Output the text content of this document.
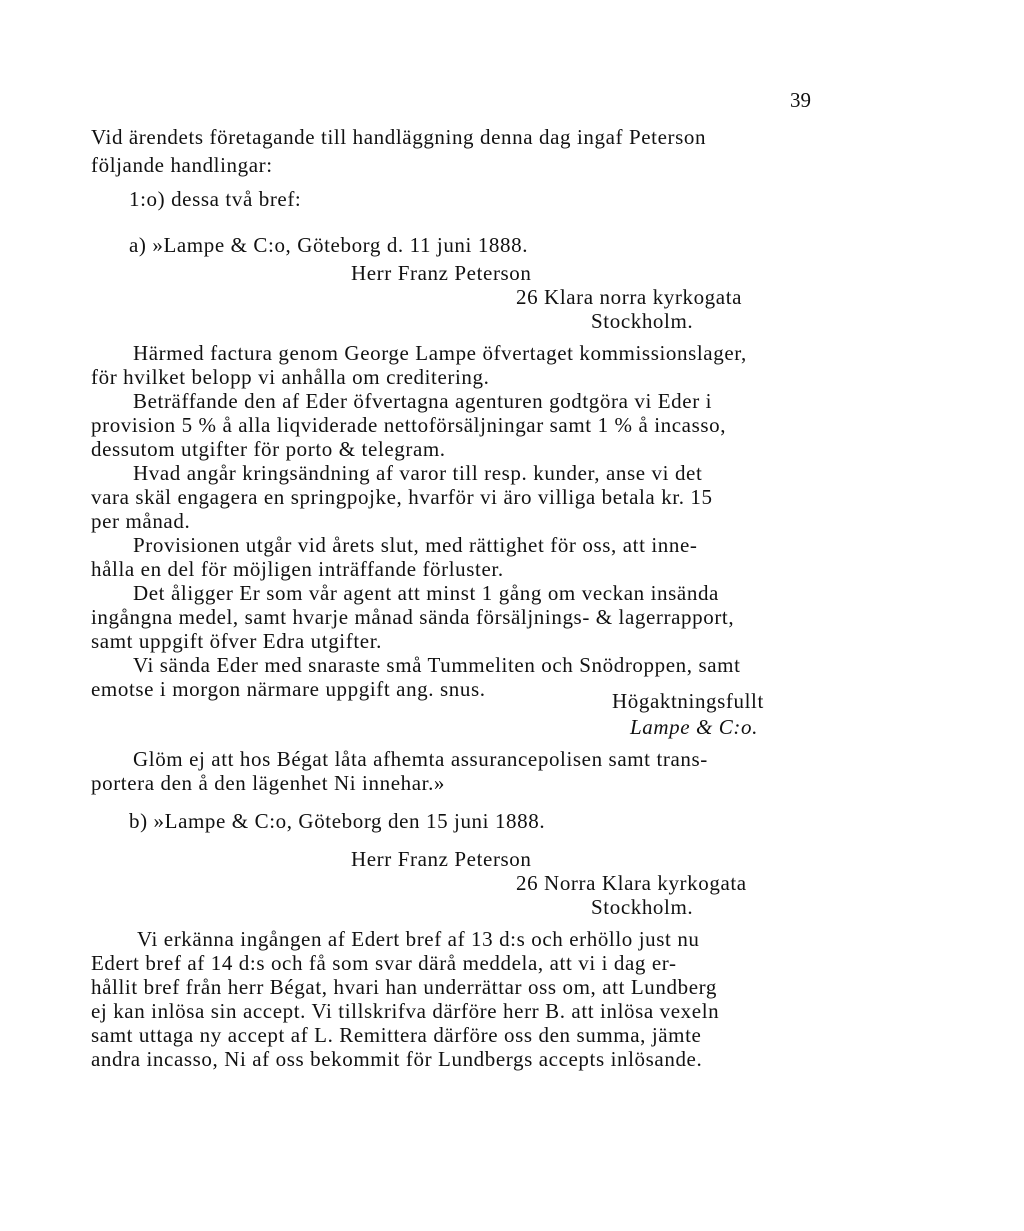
39
Vid ärendets företagande till handläggning denna dag ingaf Peterson
följande handlingar:
1:o) dessa två bref:
a) »Lampe & C:o, Göteborg d. 11 juni 1888.
Herr Franz Peterson
26 Klara norra kyrkogata
Stockholm.
Härmed factura genom George Lampe öfvertaget kommissionslager,
för hvilket belopp vi anhålla om creditering.
Beträffande den af Eder öfvertagna agenturen godtgöra vi Eder i
provision 5 % å alla liqviderade nettoförsäljningar samt 1 % å incasso,
dessutom utgifter för porto & telegram.
Hvad angår kringsändning af varor till resp. kunder, anse vi det
vara skäl engagera en springpojke, hvarför vi äro villiga betala kr. 15
per månad.
Provisionen utgår vid årets slut, med rättighet för oss, att inne-
hålla en del för möjligen inträffande förluster.
Det åligger Er som vår agent att minst 1 gång om veckan insända
ingångna medel, samt hvarje månad sända försäljnings- & lagerrapport,
samt uppgift öfver Edra utgifter.
Vi sända Eder med snaraste små Tummeliten och Snödroppen, samt
emotse i morgon närmare uppgift ang. snus.	Högaktningsfullt
Lampe & C:o.
Glöm ej att hos Bégat låta afhemta assurancepolisen samt trans-
portera den å den lägenhet Ni innehar.»
b) »Lampe & C:o, Göteborg den 15 juni 1888.
Herr Franz Peterson
26 Norra Klara kyrkogata
Stockholm.
Vi erkänna ingången af Edert bref af 13 d:s och erhöllo just nu
Edert bref af 14 d:s och få som svar därå meddela, att vi i dag er-
hållit bref från herr Bégat, hvari han underrättar oss om, att Lundberg
ej kan inlösa sin accept. Vi tillskrifva därföre herr B. att inlösa vexeln
samt uttaga ny accept af L. Remittera därföre oss den summa, jämte
andra incasso, Ni af oss bekommit för Lundbergs accepts inlösande.
